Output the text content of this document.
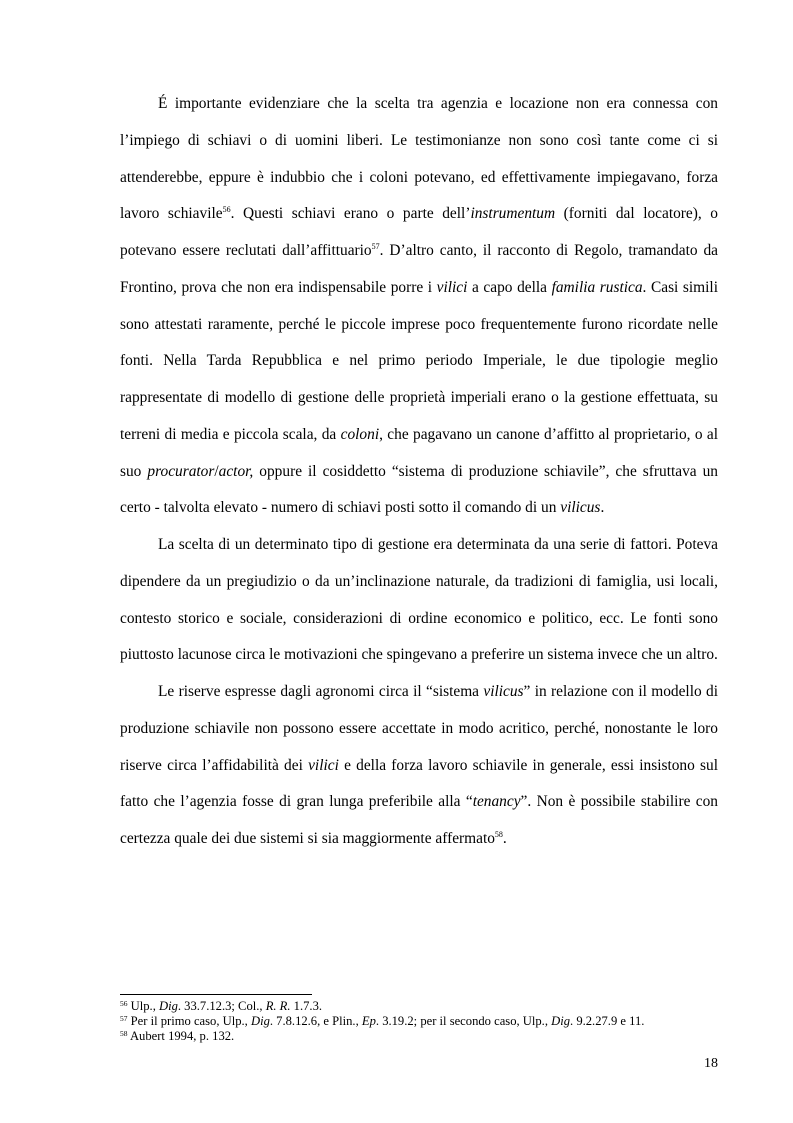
É importante evidenziare che la scelta tra agenzia e locazione non era connessa con l’impiego di schiavi o di uomini liberi. Le testimonianze non sono così tante come ci si attenderebbe, eppure è indubbio che i coloni potevano, ed effettivamente impiegavano, forza lavoro schiavile$^{56}$. Questi schiavi erano o parte dell’instrumentum (forniti dal locatore), o potevano essere reclutati dall’affittuario$^{57}$. D’altro canto, il racconto di Regolo, tramandato da Frontino, prova che non era indispensabile porre i vilici a capo della familia rustica. Casi simili sono attestati raramente, perché le piccole imprese poco frequentemente furono ricordate nelle fonti. Nella Tarda Repubblica e nel primo periodo Imperiale, le due tipologie meglio rappresentate di modello di gestione delle proprietà imperiali erano o la gestione effettuata, su terreni di media e piccola scala, da coloni, che pagavano un canone d’affitto al proprietario, o al suo procurator/actor, oppure il cosiddetto “sistema di produzione schiavile”, che sfruttava un certo - talvolta elevato - numero di schiavi posti sotto il comando di un vilicus.

La scelta di un determinato tipo di gestione era determinata da una serie di fattori. Poteva dipendere da un pregiudizio o da un’inclinazione naturale, da tradizioni di famiglia, usi locali, contesto storico e sociale, considerazioni di ordine economico e politico, ecc. Le fonti sono piuttosto lacunose circa le motivazioni che spingevano a preferire un sistema invece che un altro.

Le riserve espresse dagli agronomi circa il “sistema vilicus” in relazione con il modello di produzione schiavile non possono essere accettate in modo acritico, perché, nonostante le loro riserve circa l’affidabilità dei vilici e della forza lavoro schiavile in generale, essi insistono sul fatto che l’agenzia fosse di gran lunga preferibile alla “tenancy”. Non è possibile stabilire con certezza quale dei due sistemi si sia maggiormente affermato$^{58}$.

$^{56}$ Ulp., Dig. 33.7.12.3; Col., R. R. 1.7.3.
$^{57}$ Per il primo caso, Ulp., Dig. 7.8.12.6, e Plin., Ep. 3.19.2; per il secondo caso, Ulp., Dig. 9.2.27.9 e 11.
$^{58}$ Aubert 1994, p. 132.
18
